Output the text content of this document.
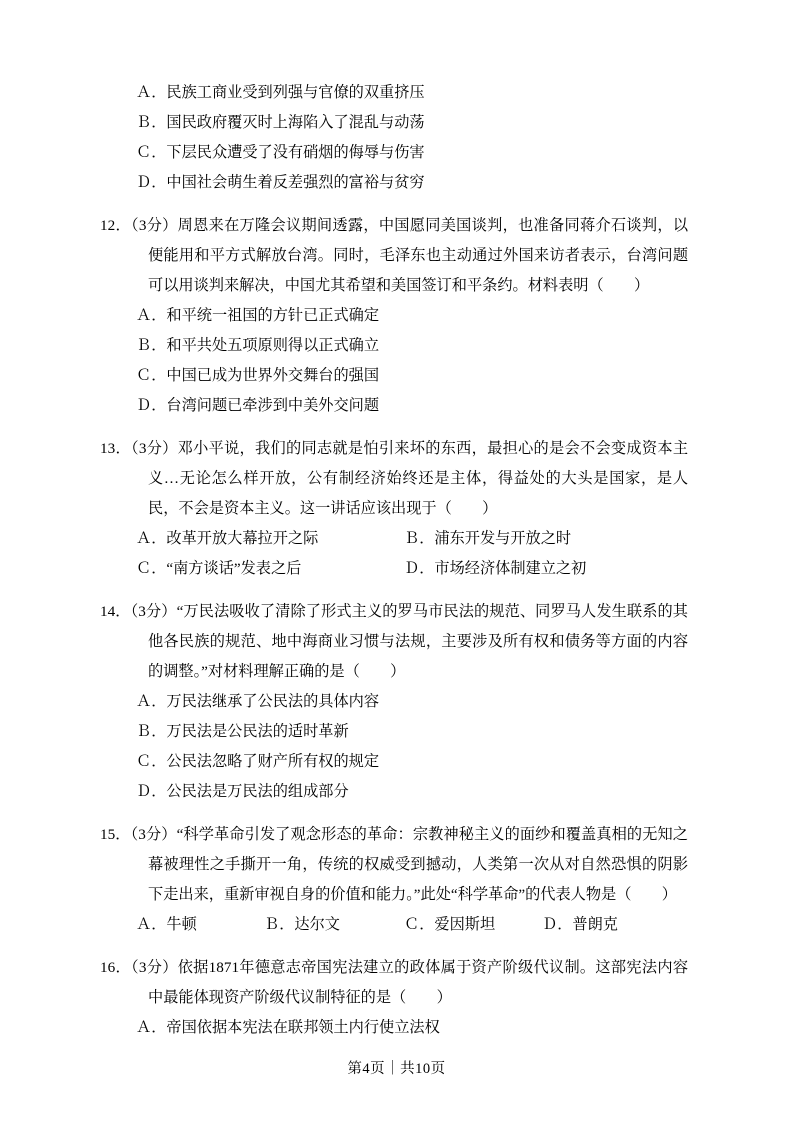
Ａ．民族工商业受到列强与官僚的双重挤压
Ｂ．国民政府覆灭时上海陷入了混乱与动荡
Ｃ．下层民众遭受了没有硝烟的侮辱与伤害
Ｄ．中国社会萌生着反差强烈的富裕与贫穷
12．（3分）周恩来在万隆会议期间透露，中国愿同美国谈判，也准备同蒋介石谈判，以便能用和平方式解放台湾。同时，毛泽东也主动通过外国来访者表示，台湾问题可以用谈判来解决，中国尤其希望和美国签订和平条约。材料表明（　　）
Ａ．和平统一祖国的方针已正式确定
Ｂ．和平共处五项原则得以正式确立
Ｃ．中国已成为世界外交舞台的强国
Ｄ．台湾问题已牵涉到中美外交问题
13．（3分）邓小平说，我们的同志就是怕引来坏的东西，最担心的是会不会变成资本主义…无论怎么样开放，公有制经济始终还是主体，得益处的大头是国家，是人民，不会是资本主义。这一讲话应该出现于（　　）
Ａ．改革开放大幕拉开之际	Ｂ．浦东开发与开放之时
Ｃ．“南方谈话”发表之后	Ｄ．市场经济体制建立之初
14．（3分）“万民法吸收了清除了形式主义的罗马市民法的规范、同罗马人发生联系的其他各民族的规范、地中海商业习惯与法规，主要涉及所有权和债务等方面的内容的调整。”对材料理解正确的是（　　）
Ａ．万民法继承了公民法的具体内容
Ｂ．万民法是公民法的适时革新
Ｃ．公民法忽略了财产所有权的规定
Ｄ．公民法是万民法的组成部分
15．（3分）“科学革命引发了观念形态的革命：宗教神秘主义的面纱和覆盖真相的无知之幕被理性之手撕开一角，传统的权威受到撼动，人类第一次从对自然恐惧的阴影下走出来，重新审视自身的价值和能力。”此处“科学革命”的代表人物是（　　）
Ａ．牛顿	Ｂ．达尔文	Ｃ．爱因斯坦	Ｄ．普朗克
16．（3分）依据1871年德意志帝国宪法建立的政体属于资产阶级代议制。这部宪法内容中最能体现资产阶级代议制特征的是（　　）
Ａ．帝国依据本宪法在联邦领土内行使立法权
第4页｜共10页
